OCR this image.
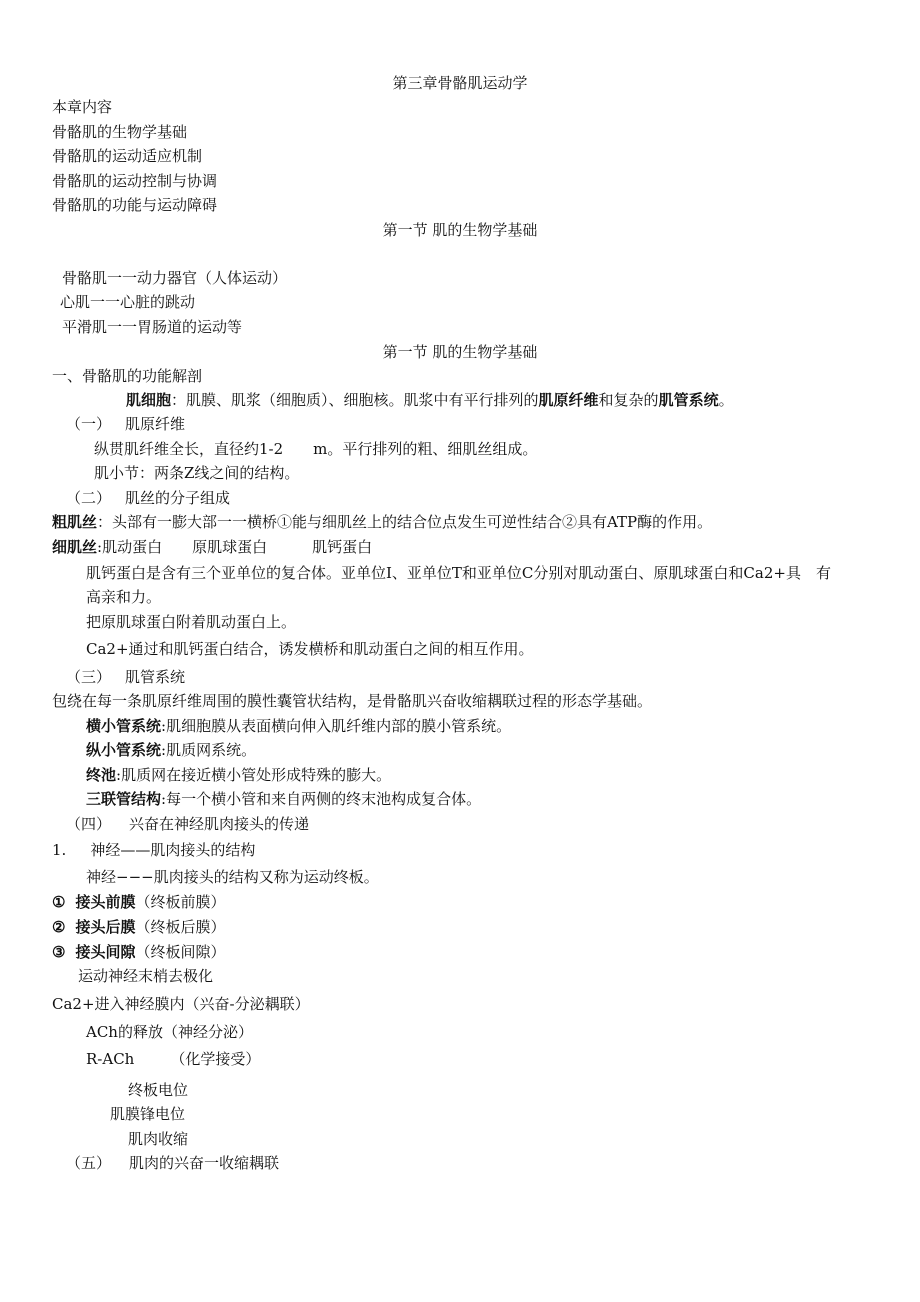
第三章骨骼肌运动学
本章内容
骨骼肌的生物学基础
骨骼肌的运动适应机制
骨骼肌的运动控制与协调
骨骼肌的功能与运动障碍
第一节 肌的生物学基础
骨骼肌一一动力器官（人体运动）
心肌一一心脏的跳动
平滑肌一一胃肠道的运动等
第一节 肌的生物学基础
一、骨骼肌的功能解剖
肌细胞：肌膜、肌浆（细胞质）、细胞核。肌浆中有平行排列的肌原纤维和复杂的肌管系统。
（一） 肌原纤维
纵贯肌纤维全长，直径约1-2　　m。平行排列的粗、细肌丝组成。
肌小节：两条Z线之间的结构。
（二） 肌丝的分子组成
粗肌丝：头部有一膨大部一一横桥①能与细肌丝上的结合位点发生可逆性结合②具有ATP酶的作用。
细肌丝:肌动蛋白　　原肌球蛋白　　　肌钙蛋白
肌钙蛋白是含有三个亚单位的复合体。亚单位I、亚单位T和亚单位C分别对肌动蛋白、原肌球蛋白和Ca2+具　有
高亲和力。
把原肌球蛋白附着肌动蛋白上。
Ca2+通过和肌钙蛋白结合，诱发横桥和肌动蛋白之间的相互作用。
（三） 肌管系统
包绕在每一条肌原纤维周围的膜性囊管状结构，是骨骼肌兴奋收缩耦联过程的形态学基础。
横小管系统:肌细胞膜从表面横向伸入肌纤维内部的膜小管系统。
纵小管系统:肌质网系统。
终池:肌质网在接近横小管处形成特殊的膨大。
三联管结构:每一个横小管和来自两侧的终末池构成复合体。
（四） 兴奋在神经肌肉接头的传递
1. 神经——肌肉接头的结构
神经−−−肌肉接头的结构又称为运动终板。
① 接头前膜（终板前膜）
② 接头后膜（终板后膜）
③ 接头间隙（终板间隙）
运动神经末梢去极化
Ca2+进入神经膜内（兴奋-分泌耦联）
ACh的释放（神经分泌）
R-ACh （化学接受）
终板电位
肌膜锋电位
肌肉收缩
（五） 肌肉的兴奋一收缩耦联
